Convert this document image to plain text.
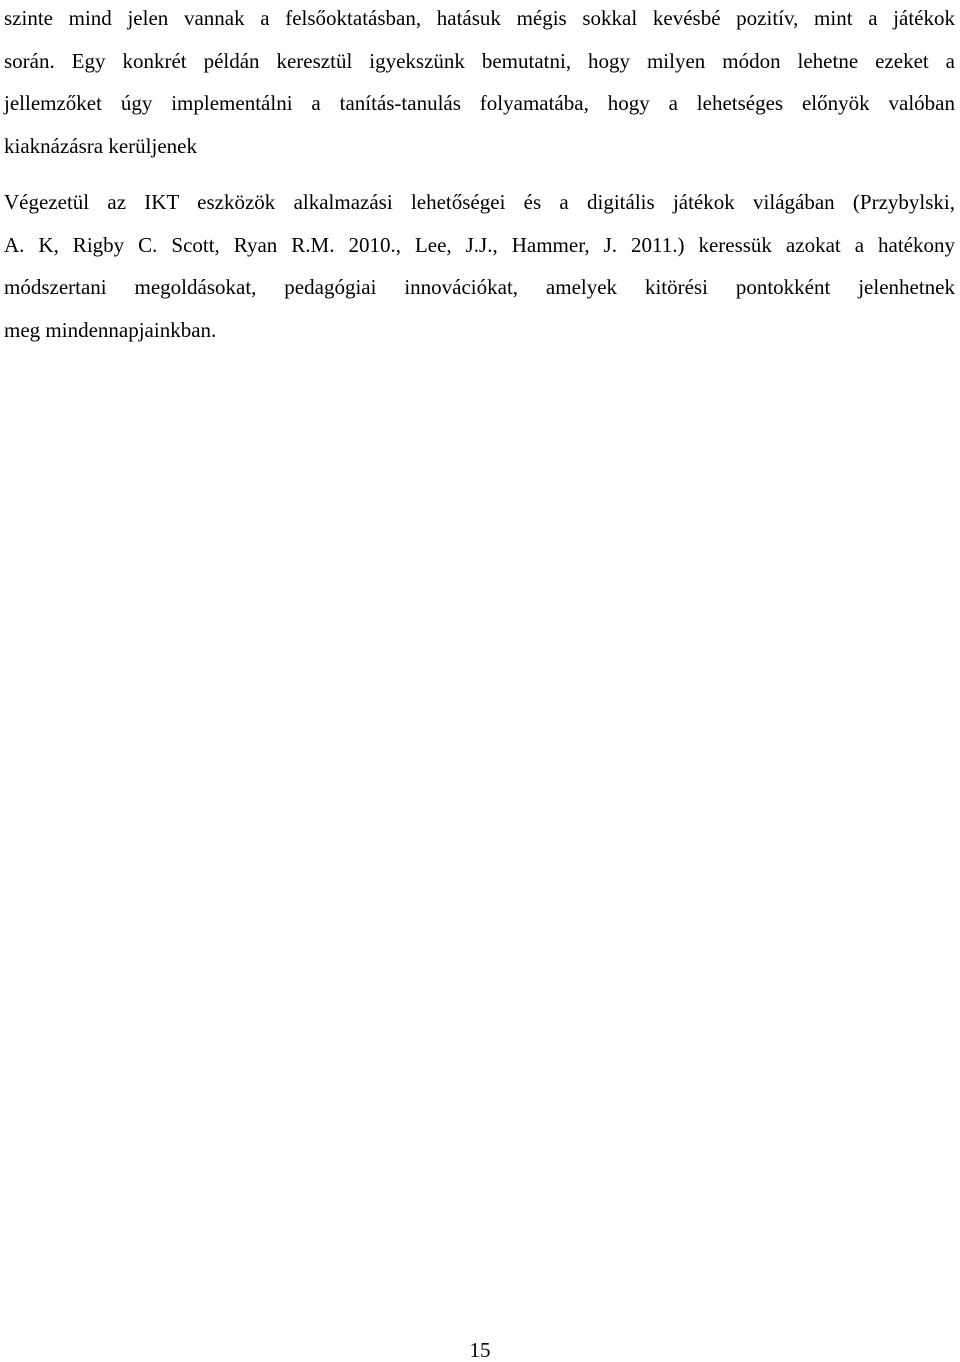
szinte mind jelen vannak a felsőoktatásban, hatásuk mégis sokkal kevésbé pozitív, mint a játékok
során. Egy konkrét példán keresztül igyekszünk bemutatni, hogy milyen módon lehetne ezeket a
jellemzőket úgy implementálni a tanítás-tanulás folyamatába, hogy a lehetséges előnyök valóban
kiaknázásra kerüljenek
Végezetül az IKT eszközök alkalmazási lehetőségei és a digitális játékok világában (Przybylski,
A. K, Rigby C. Scott, Ryan R.M. 2010., Lee, J.J., Hammer, J. 2011.) keressük azokat a hatékony
módszertani megoldásokat, pedagógiai innovációkat, amelyek kitörési pontokként jelenhetnek
meg mindennapjainkban.
15
